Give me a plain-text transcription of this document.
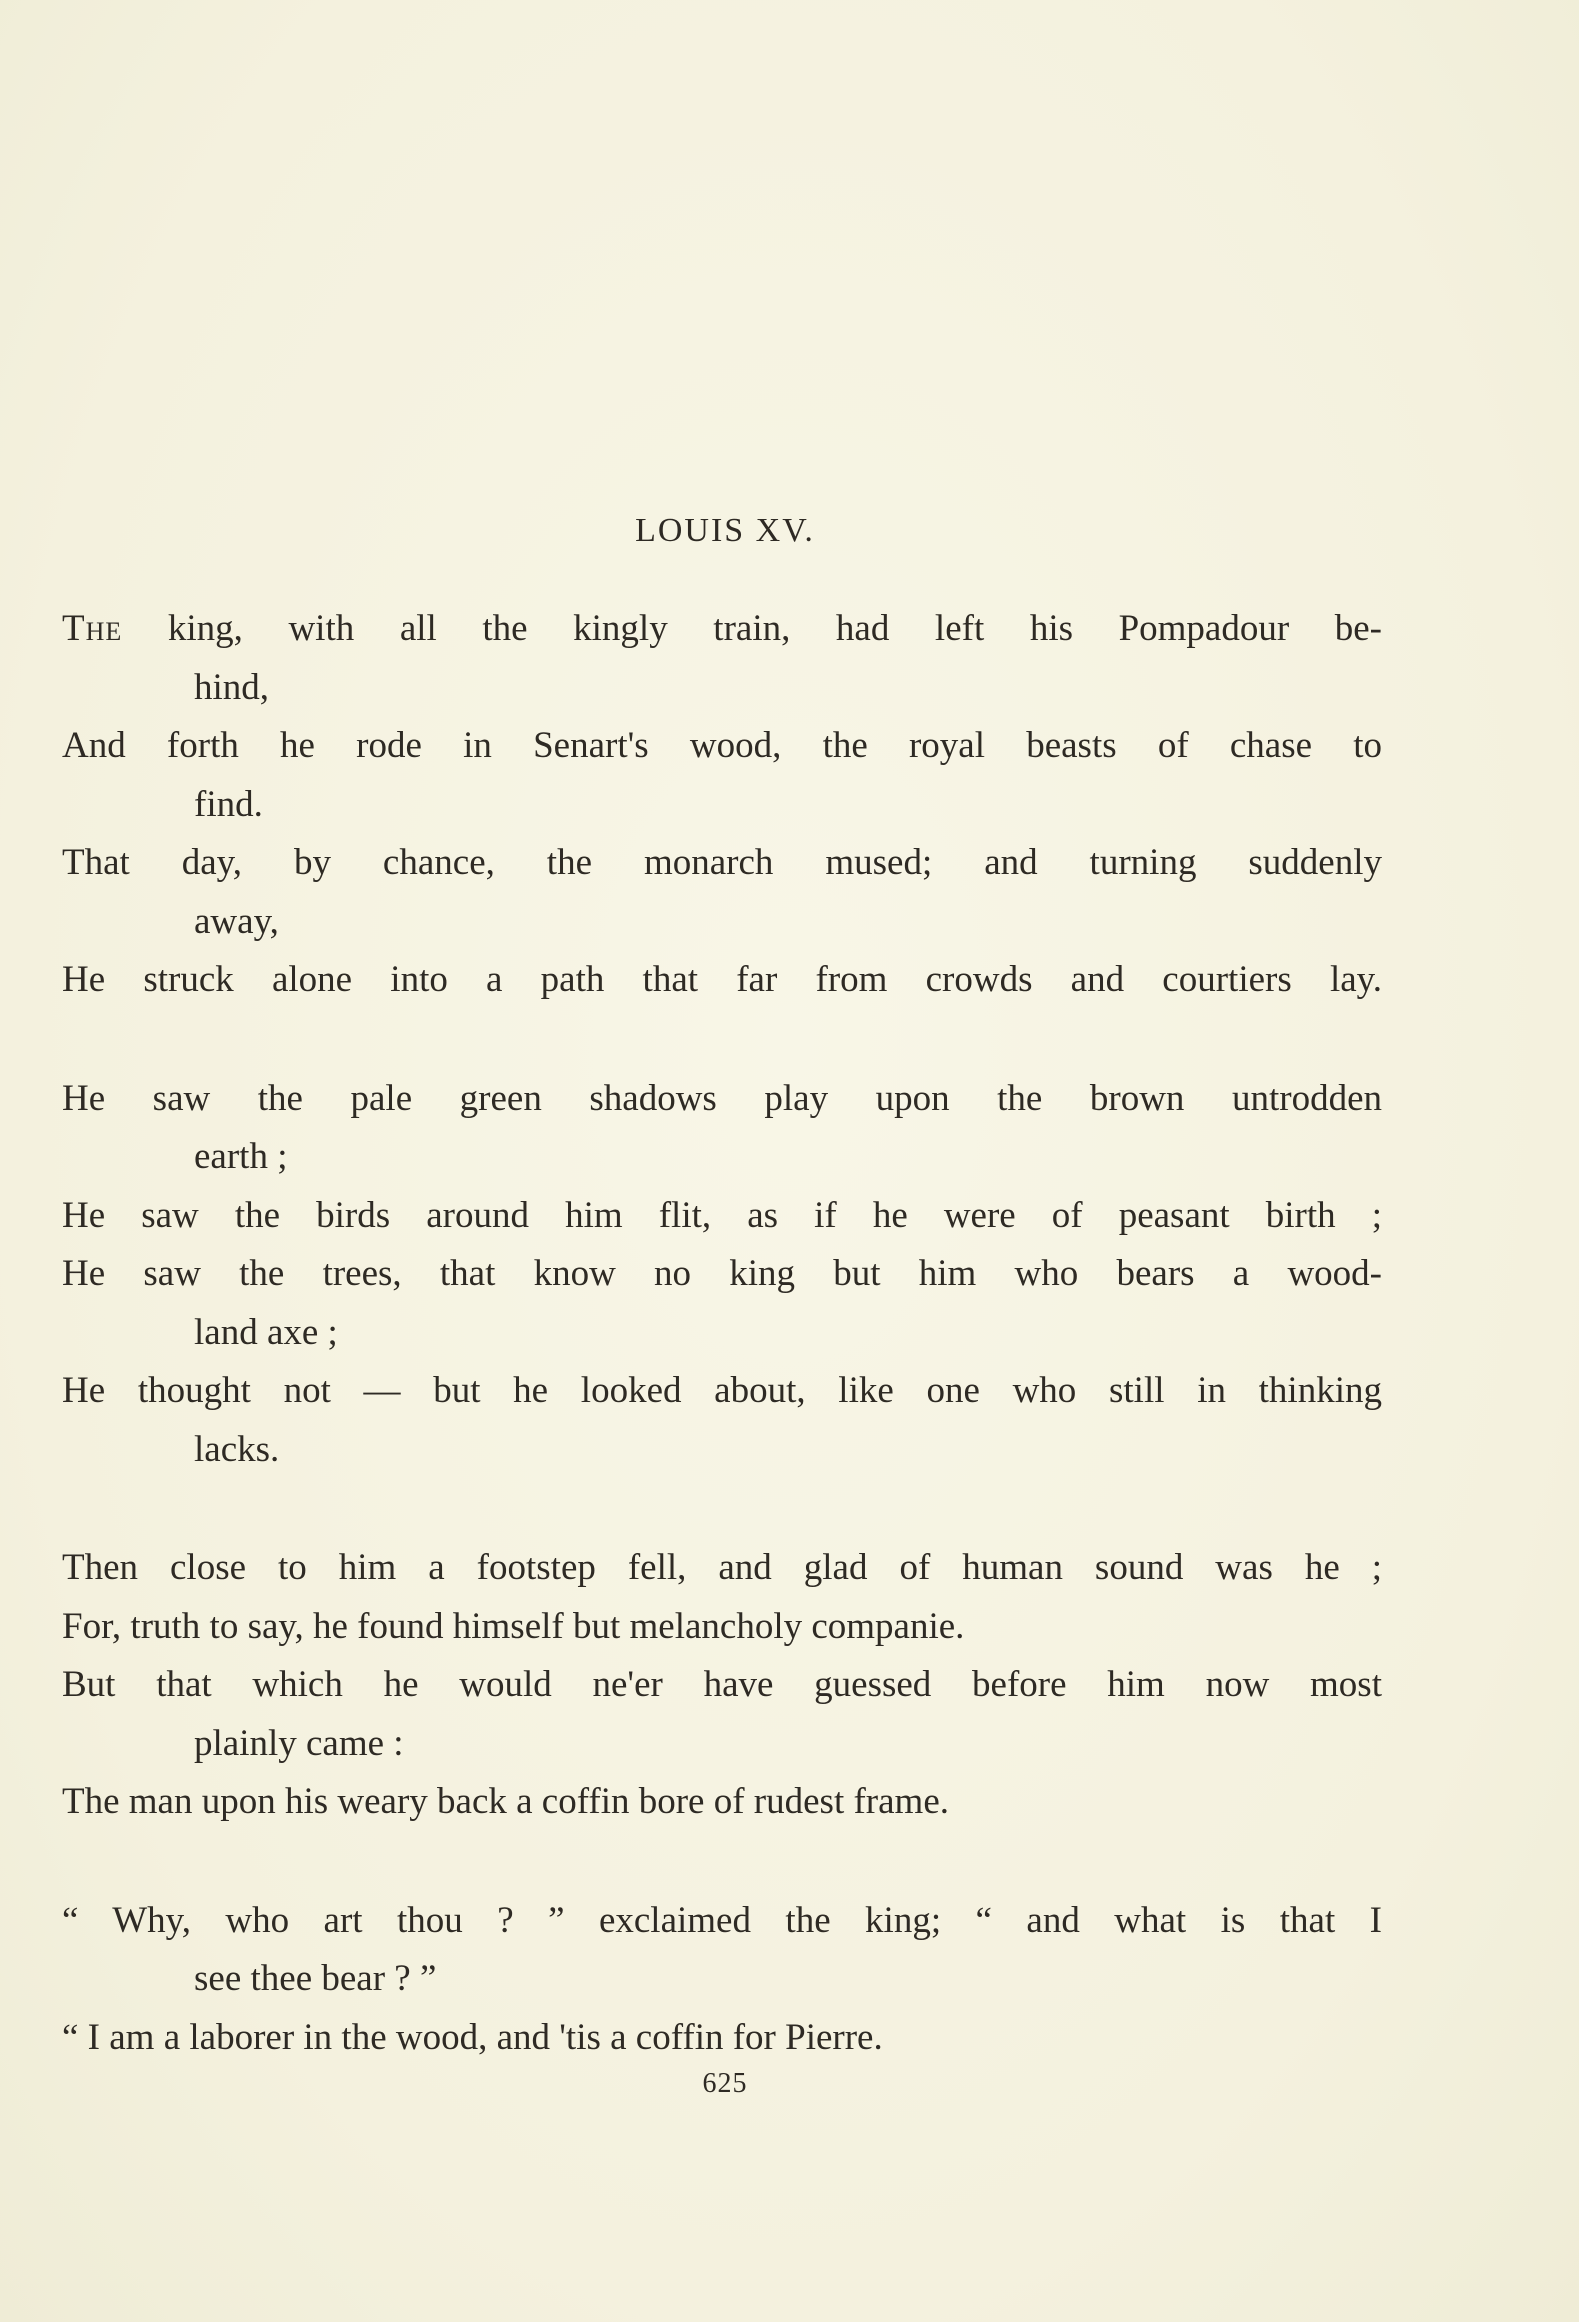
LOUIS XV.
The king, with all the kingly train, had left his Pompadour be-
hind,
And forth he rode in Senart's wood, the royal beasts of chase to
find.
That day, by chance, the monarch mused; and turning suddenly
away,
He struck alone into a path that far from crowds and courtiers lay.
He saw the pale green shadows play upon the brown untrodden
earth ;
He saw the birds around him flit, as if he were of peasant birth ;
He saw the trees, that know no king but him who bears a wood-
land axe ;
He thought not — but he looked about, like one who still in thinking
lacks.
Then close to him a footstep fell, and glad of human sound was he ;
For, truth to say, he found himself but melancholy companie.
But that which he would ne'er have guessed before him now most
plainly came :
The man upon his weary back a coffin bore of rudest frame.
“ Why, who art thou ? ” exclaimed the king; “ and what is that I
see thee bear ? ”
“ I am a laborer in the wood, and 'tis a coffin for Pierre.
625
